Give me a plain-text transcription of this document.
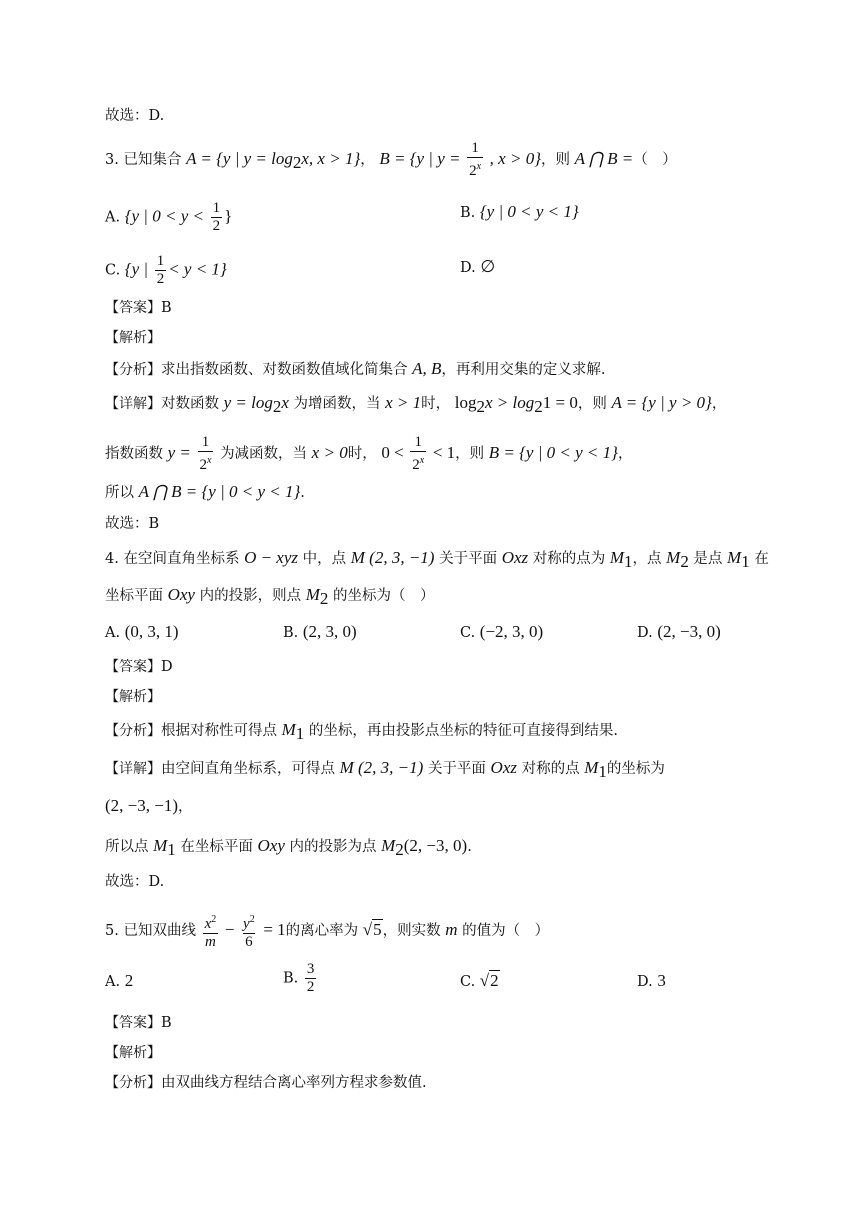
故选：D.
3. 已知集合 A = {y | $y = \log_2x$, x > 1}， B = {y | $y = \frac{1}{2^x}$ , x > 0}，则 A ⋂ B =（　）
A. {y | $0 < y < \frac{1}{2}$ }	B. {y | 0 < y < 1}
C. {y | $\frac{1}{2} < y < 1$}	D. ∅
【答案】B
【解析】
【分析】求出指数函数、对数函数值域化简集合 A, B，再利用交集的定义求解.
【详解】对数函数 $y = \log_2x$ 为增函数，当 x > 1时， $\log_2x > \log_21 = 0$，则 A = {y | y > 0}，
指数函数 $y = \frac{1}{2^x}$ 为减函数，当 x > 0时， $0 < \frac{1}{2^x} < 1$，则 B = {y | 0 < y < 1}，
所以 A ⋂ B = {y | 0 < y < 1}.
故选：B
4. 在空间直角坐标系 O − xyz 中，点 M (2, 3, −1) 关于平面 Oxz 对称的点为 $M_1$，点 $M_2$ 是点 $M_1$ 在
坐标平面 Oxy 内的投影，则点 $M_2$ 的坐标为（　）
A. (0, 3, 1)	B. (2, 3, 0)	C. (−2, 3, 0)	D. (2, −3, 0)
【答案】D
【解析】
【分析】根据对称性可得点 $M_1$ 的坐标，再由投影点坐标的特征可直接得到结果.
【详解】由空间直角坐标系，可得点 M (2, 3, −1) 关于平面 Oxz 对称的点 $M_1$的坐标为
(2, −3, −1)，
所以点 $M_1$ 在坐标平面 Oxy 内的投影为点 $M_2(2$, −3, 0).
故选：D.
5. 已知双曲线 $\frac{x^2}{m} - \frac{y^2}{6} = 1$的离心率为 √5，则实数 m 的值为（　）
A. 2	B. $\frac{3}{2}$	C. √2	D. 3
【答案】B
【解析】
【分析】由双曲线方程结合离心率列方程求参数值.
